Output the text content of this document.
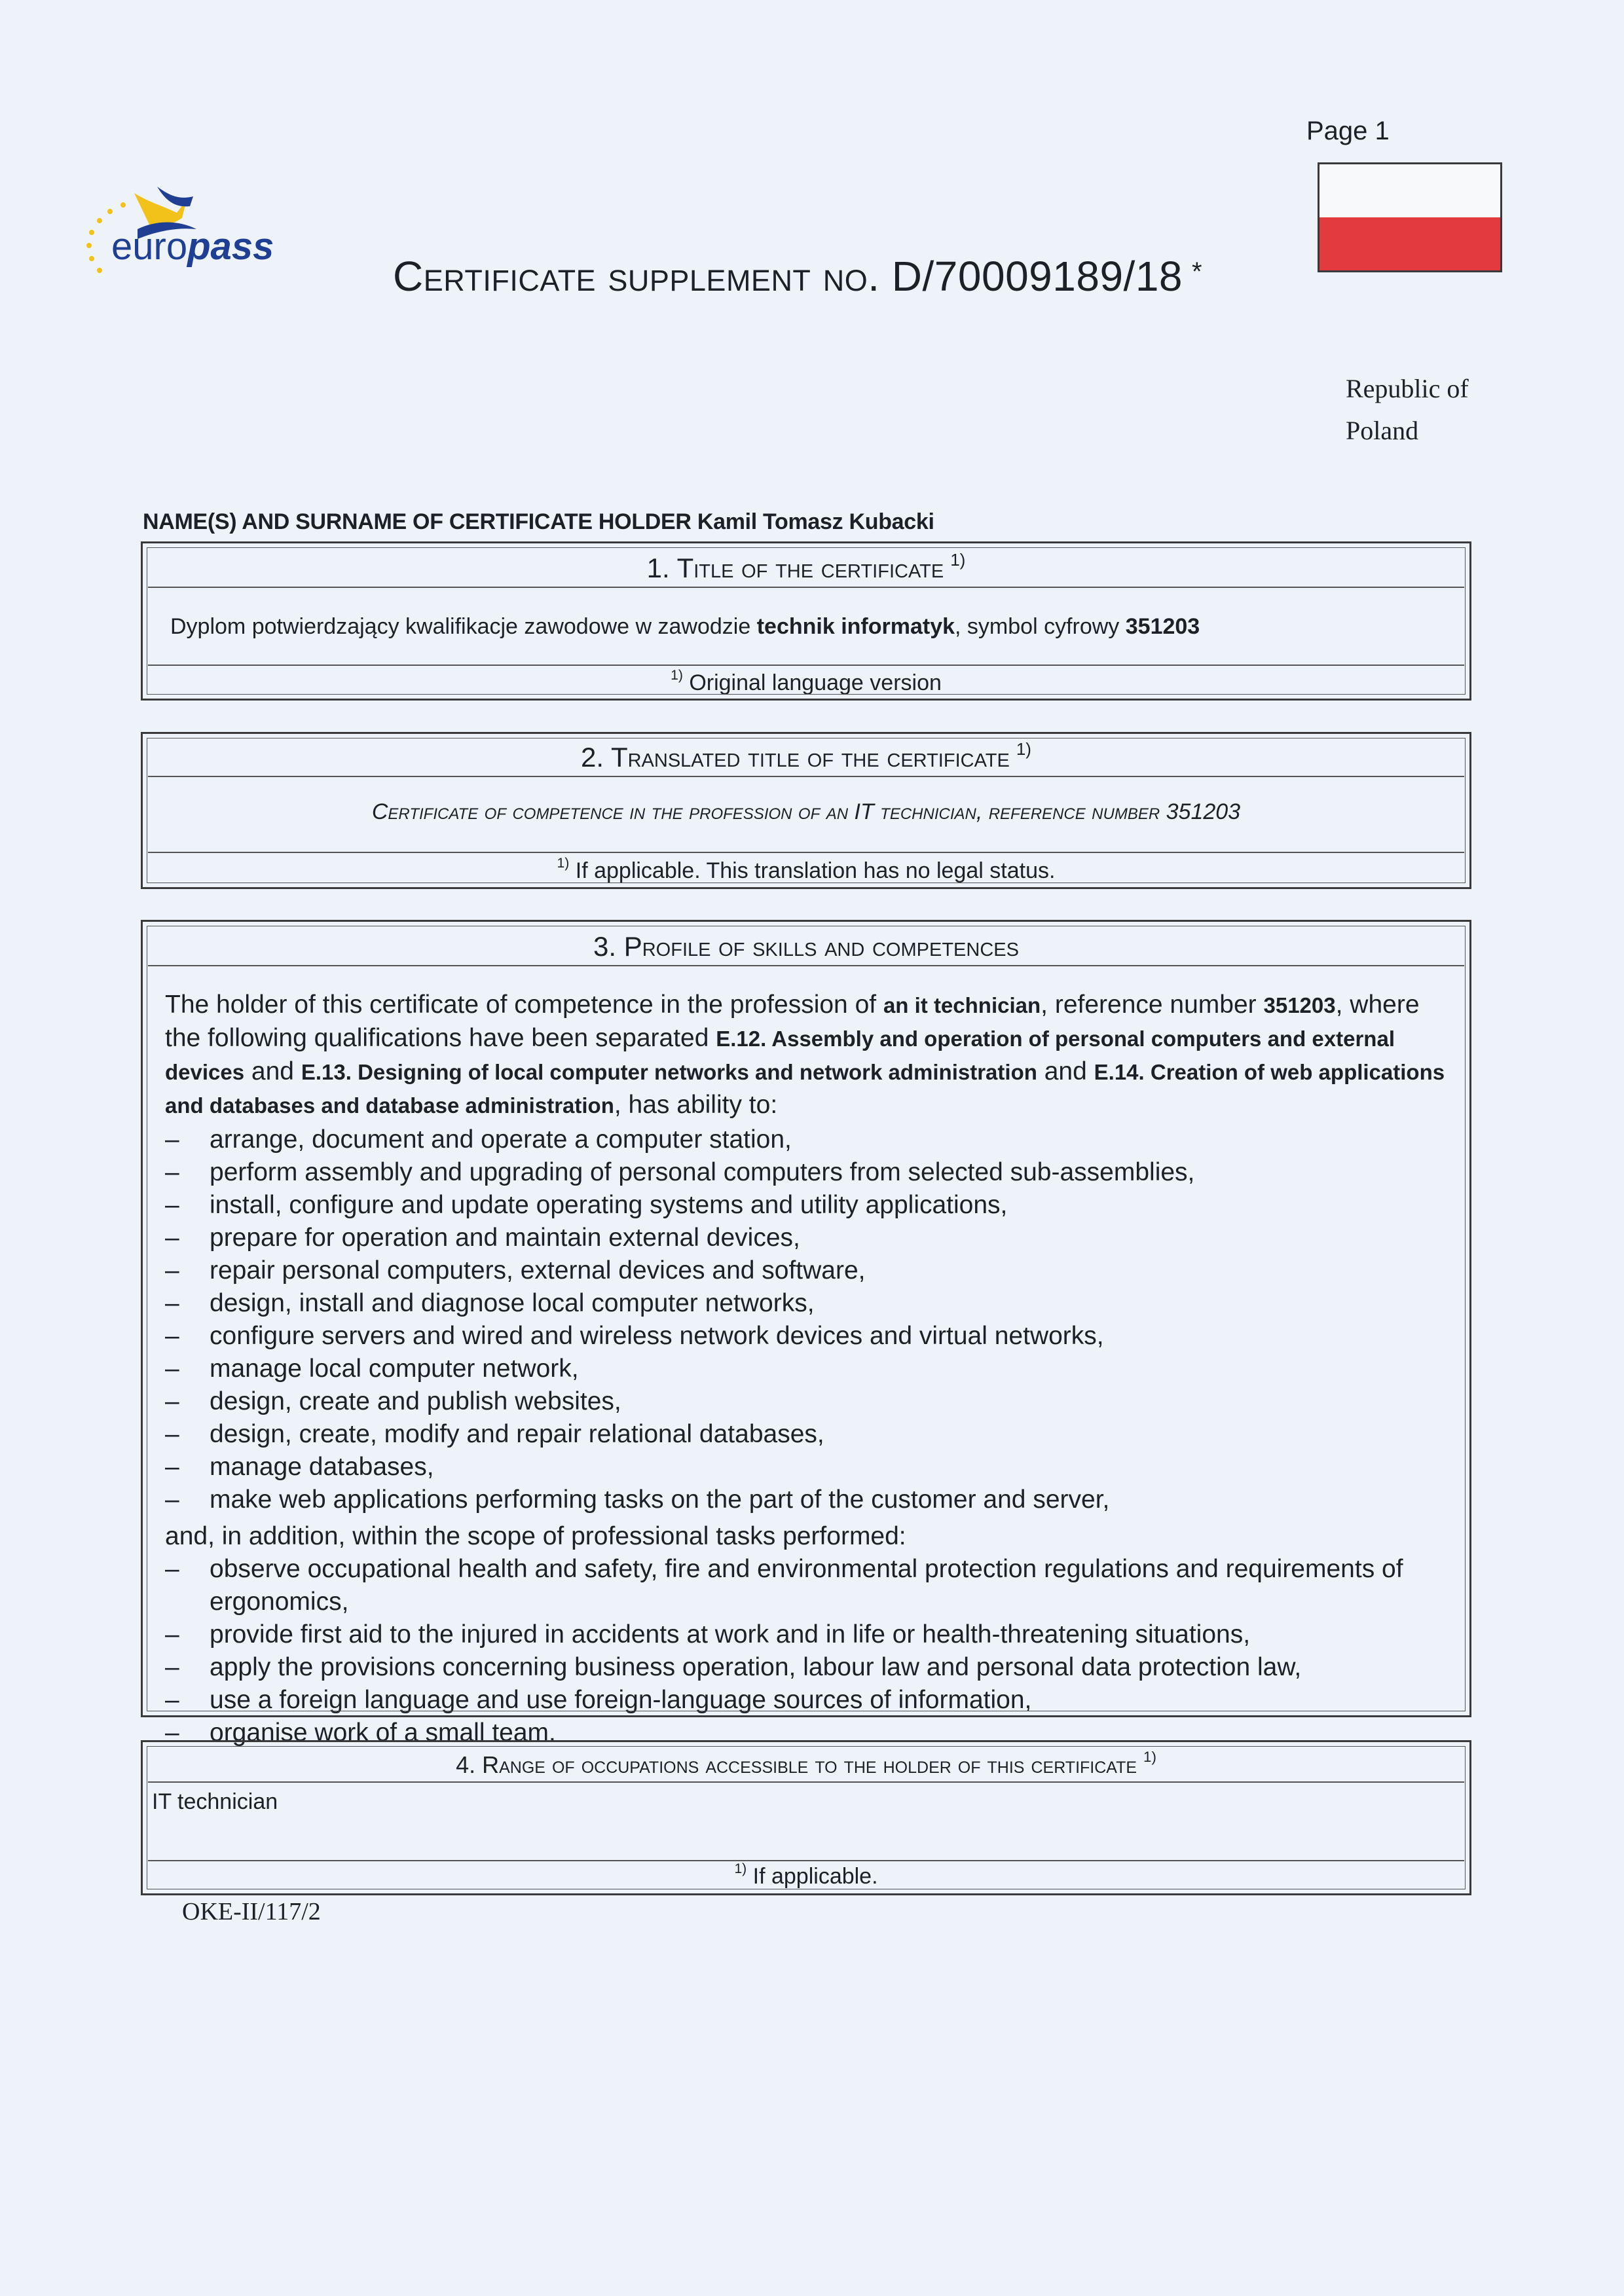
europass
Page 1
Certificate supplement no. D/70009189/18 *
Republic of
Poland
NAME(S) AND SURNAME OF CERTIFICATE HOLDER Kamil Tomasz Kubacki
1. Title of the certificate $^{1)}$
Dyplom potwierdzający kwalifikacje zawodowe w zawodzie technik informatyk, symbol cyfrowy 351203
$^{1)}$ Original language version
2. Translated title of the certificate $^{1)}$
Certificate of competence in the profession of an IT technician, reference number 351203
$^{1)}$ If applicable. This translation has no legal status.
3. Profile of skills and competences
The holder of this certificate of competence in the profession of an it technician, reference number 351203, where the following qualifications have been separated E.12. Assembly and operation of personal computers and external devices and E.13. Designing of local computer networks and network administration and E.14. Creation of web applications and databases and database administration, has ability to:
– arrange, document and operate a computer station,
– perform assembly and upgrading of personal computers from selected sub-assemblies,
– install, configure and update operating systems and utility applications,
– prepare for operation and maintain external devices,
– repair personal computers, external devices and software,
– design, install and diagnose local computer networks,
– configure servers and wired and wireless network devices and virtual networks,
– manage local computer network,
– design, create and publish websites,
– design, create, modify and repair relational databases,
– manage databases,
– make web applications performing tasks on the part of the customer and server,
and, in addition, within the scope of professional tasks performed:
– observe occupational health and safety, fire and environmental protection regulations and requirements of ergonomics,
– provide first aid to the injured in accidents at work and in life or health-threatening situations,
– apply the provisions concerning business operation, labour law and personal data protection law,
– use a foreign language and use foreign-language sources of information,
– organise work of a small team.
4. Range of occupations accessible to the holder of this certificate $^{1)}$
IT technician
$^{1)}$ If applicable.
OKE-II/117/2
